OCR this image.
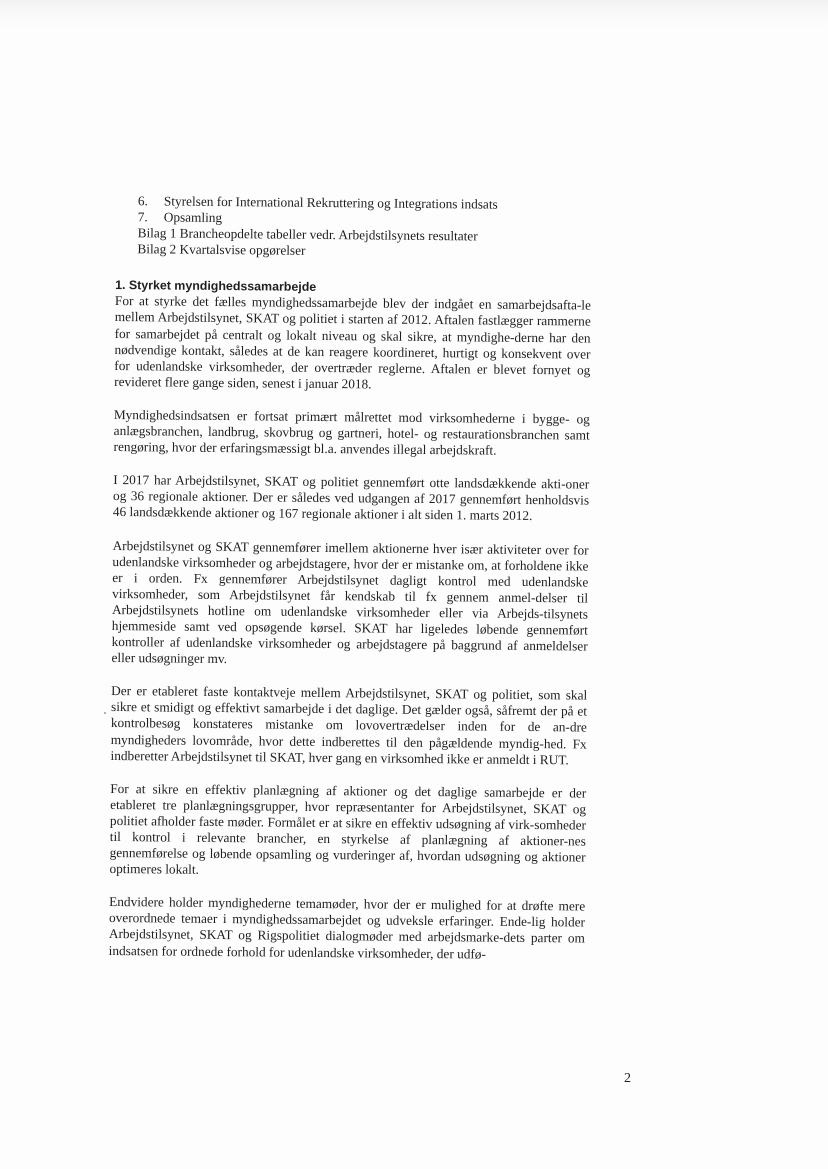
6.	Styrelsen for International Rekruttering og Integrations indsats
7.	Opsamling
Bilag 1 Brancheopdelte tabeller vedr. Arbejdstilsynets resultater
Bilag 2 Kvartalsvise opgørelser
1. Styrket myndighedssamarbejde

For at styrke det fælles myndighedssamarbejde blev der indgået en samarbejdsafta-le mellem Arbejdstilsynet, SKAT og politiet i starten af 2012. Aftalen fastlægger rammerne for samarbejdet på centralt og lokalt niveau og skal sikre, at myndighe-derne har den nødvendige kontakt, således at de kan reagere koordineret, hurtigt og konsekvent over for udenlandske virksomheder, der overtræder reglerne. Aftalen er blevet fornyet og revideret flere gange siden, senest i januar 2018.

Myndighedsindsatsen er fortsat primært målrettet mod virksomhederne i bygge- og anlægsbranchen, landbrug, skovbrug og gartneri, hotel- og restaurationsbranchen samt rengøring, hvor der erfaringsmæssigt bl.a. anvendes illegal arbejdskraft.

I 2017 har Arbejdstilsynet, SKAT og politiet gennemført otte landsdækkende akti-oner og 36 regionale aktioner. Der er således ved udgangen af 2017 gennemført henholdsvis 46 landsdækkende aktioner og 167 regionale aktioner i alt siden 1. marts 2012.

Arbejdstilsynet og SKAT gennemfører imellem aktionerne hver især aktiviteter over for udenlandske virksomheder og arbejdstagere, hvor der er mistanke om, at forholdene ikke er i orden. Fx gennemfører Arbejdstilsynet dagligt kontrol med udenlandske virksomheder, som Arbejdstilsynet får kendskab til fx gennem anmel-delser til Arbejdstilsynets hotline om udenlandske virksomheder eller via Arbejds-tilsynets hjemmeside samt ved opsøgende kørsel. SKAT har ligeledes løbende gennemført kontroller af udenlandske virksomheder og arbejdstagere på baggrund af anmeldelser eller udsøgninger mv.

Der er etableret faste kontaktveje mellem Arbejdstilsynet, SKAT og politiet, som skal sikre et smidigt og effektivt samarbejde i det daglige. Det gælder også, såfremt der på et kontrolbesøg konstateres mistanke om lovovertrædelser inden for de an-dre myndigheders lovområde, hvor dette indberettes til den pågældende myndig-hed. Fx indberetter Arbejdstilsynet til SKAT, hver gang en virksomhed ikke er anmeldt i RUT.

For at sikre en effektiv planlægning af aktioner og det daglige samarbejde er der etableret tre planlægningsgrupper, hvor repræsentanter for Arbejdstilsynet, SKAT og politiet afholder faste møder. Formålet er at sikre en effektiv udsøgning af virk-somheder til kontrol i relevante brancher, en styrkelse af planlægning af aktioner-nes gennemførelse og løbende opsamling og vurderinger af, hvordan udsøgning og aktioner optimeres lokalt.

Endvidere holder myndighederne temamøder, hvor der er mulighed for at drøfte mere overordnede temaer i myndighedssamarbejdet og udveksle erfaringer. Ende-lig holder Arbejdstilsynet, SKAT og Rigspolitiet dialogmøder med arbejdsmarke-dets parter om indsatsen for ordnede forhold for udenlandske virksomheder, der udfø-

2
